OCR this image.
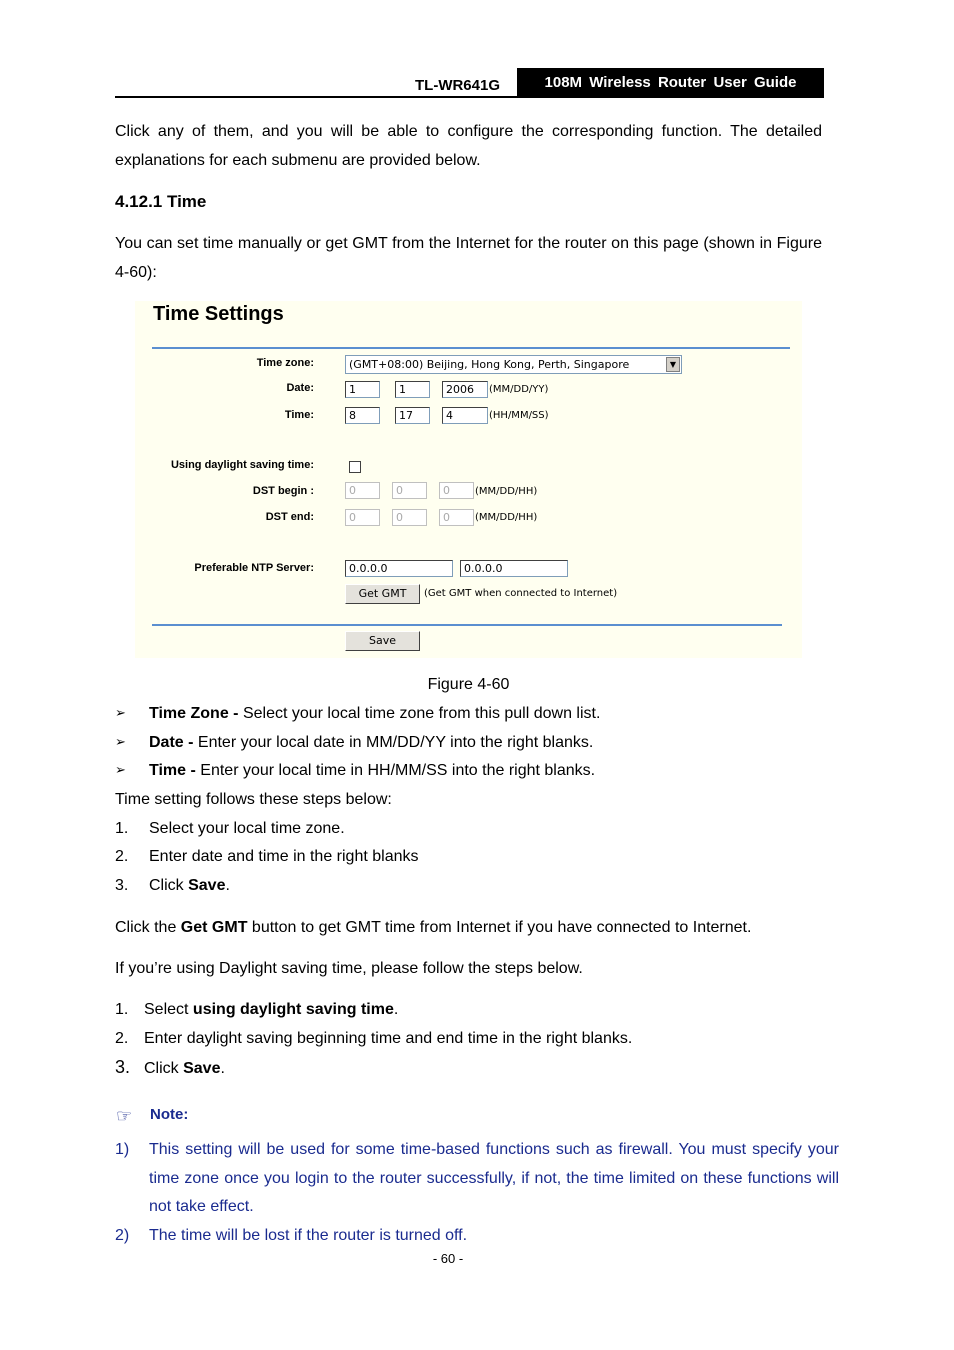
TL-WR641G	108M Wireless Router User Guide
Click any of them, and you will be able to configure the corresponding function. The detailed explanations for each submenu are provided below.
4.12.1 Time
You can set time manually or get GMT from the Internet for the router on this page (shown in Figure 4-60):
Time Settings
Time zone:	(GMT+08:00) Beijing, Hong Kong, Perth, Singapore	▼
Date:	1	1	2006	(MM/DD/YY)
Time:	8	17	4	(HH/MM/SS)
Using daylight saving time:
DST begin :	0	0	0	(MM/DD/HH)
DST end:	0	0	0	(MM/DD/HH)
Preferable NTP Server:	0.0.0.0	0.0.0.0
Get GMT	(Get GMT when connected to Internet)
Save
Figure 4-60
➢ Time Zone - Select your local time zone from this pull down list.
➢ Date - Enter your local date in MM/DD/YY into the right blanks.
➢ Time - Enter your local time in HH/MM/SS into the right blanks.
Time setting follows these steps below:
1. Select your local time zone.
2. Enter date and time in the right blanks
3. Click Save.
Click the Get GMT button to get GMT time from Internet if you have connected to Internet.
If you’re using Daylight saving time, please follow the steps below.
1. Select using daylight saving time.
2. Enter daylight saving beginning time and end time in the right blanks.
3. Click Save.
☞ Note:
1) This setting will be used for some time-based functions such as firewall. You must specify your time zone once you login to the router successfully, if not, the time limited on these functions will not take effect.
2) The time will be lost if the router is turned off.
- 60 -
